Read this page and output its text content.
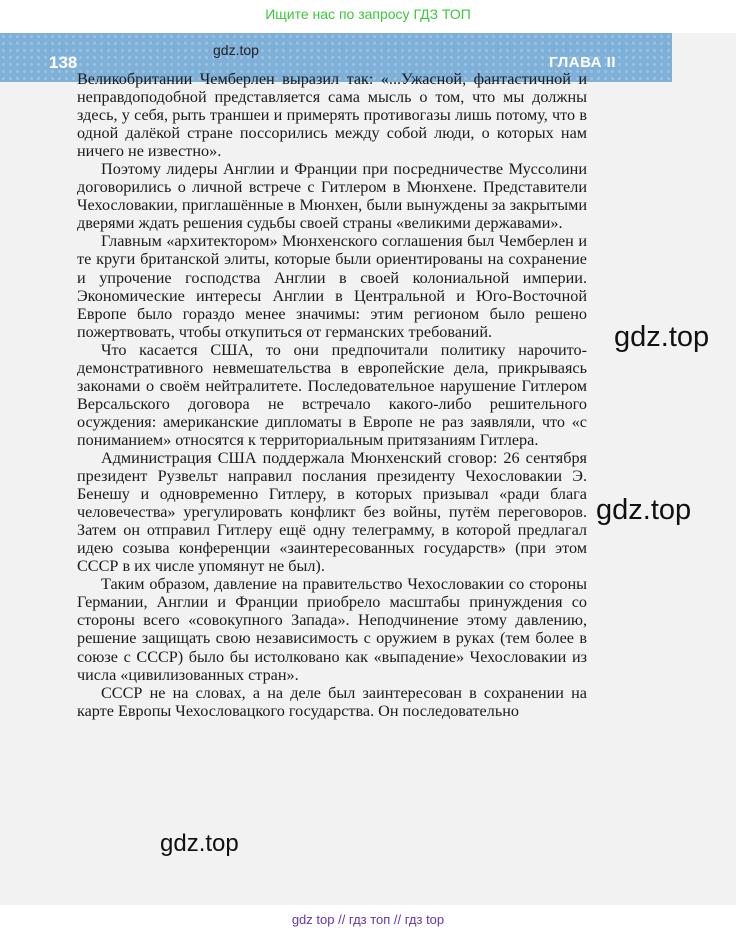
Ищите нас по запросу ГДЗ ТОП
138
gdz.top
ГЛАВА II

Великобритании Чемберлен выразил так: «...Ужасной, фантастичной и неправдоподобной представляется сама мысль о том, что мы должны здесь, у себя, рыть траншеи и примерять противогазы лишь потому, что в одной далёкой стране поссорились между собой люди, о которых нам ничего не известно».

Поэтому лидеры Англии и Франции при посредничестве Муссолини договорились о личной встрече с Гитлером в Мюнхене. Представители Чехословакии, приглашённые в Мюнхен, были вынуждены за закрытыми дверями ждать решения судьбы своей страны «великими державами».

Главным «архитектором» Мюнхенского соглашения был Чемберлен и те круги британской элиты, которые были ориентированы на сохранение и упрочение господства Англии в своей колониальной империи. Экономические интересы Англии в Центральной и Юго-Восточной Европе было гораздо менее значимы: этим регионом было решено пожертвовать, чтобы откупиться от германских требований.

Что касается США, то они предпочитали политику нарочито-демонстративного невмешательства в европейские дела, прикрываясь законами о своём нейтралитете. Последовательное нарушение Гитлером Версальского договора не встречало какого-либо решительного осуждения: американские дипломаты в Европе не раз заявляли, что «с пониманием» относятся к территориальным притязаниям Гитлера.

Администрация США поддержала Мюнхенский сговор: 26 сентября президент Рузвельт направил послания президенту Чехословакии Э. Бенешу и одновременно Гитлеру, в которых призывал «ради блага человечества» урегулировать конфликт без войны, путём переговоров. Затем он отправил Гитлеру ещё одну телеграмму, в которой предлагал идею созыва конференции «заинтересованных государств» (при этом СССР в их числе упомянут не был).

Таким образом, давление на правительство Чехословакии со стороны Германии, Англии и Франции приобрело масштабы принуждения со стороны всего «совокупного Запада». Неподчинение этому давлению, решение защищать свою независимость с оружием в руках (тем более в союзе с СССР) было бы истолковано как «выпадение» Чехословакии из числа «цивилизованных стран».

СССР не на словах, а на деле был заинтересован в сохранении на карте Европы Чехословацкого государства. Он последовательно

gdz.top
gdz.top
gdz.top
gdz top // гдз топ // гдз top
